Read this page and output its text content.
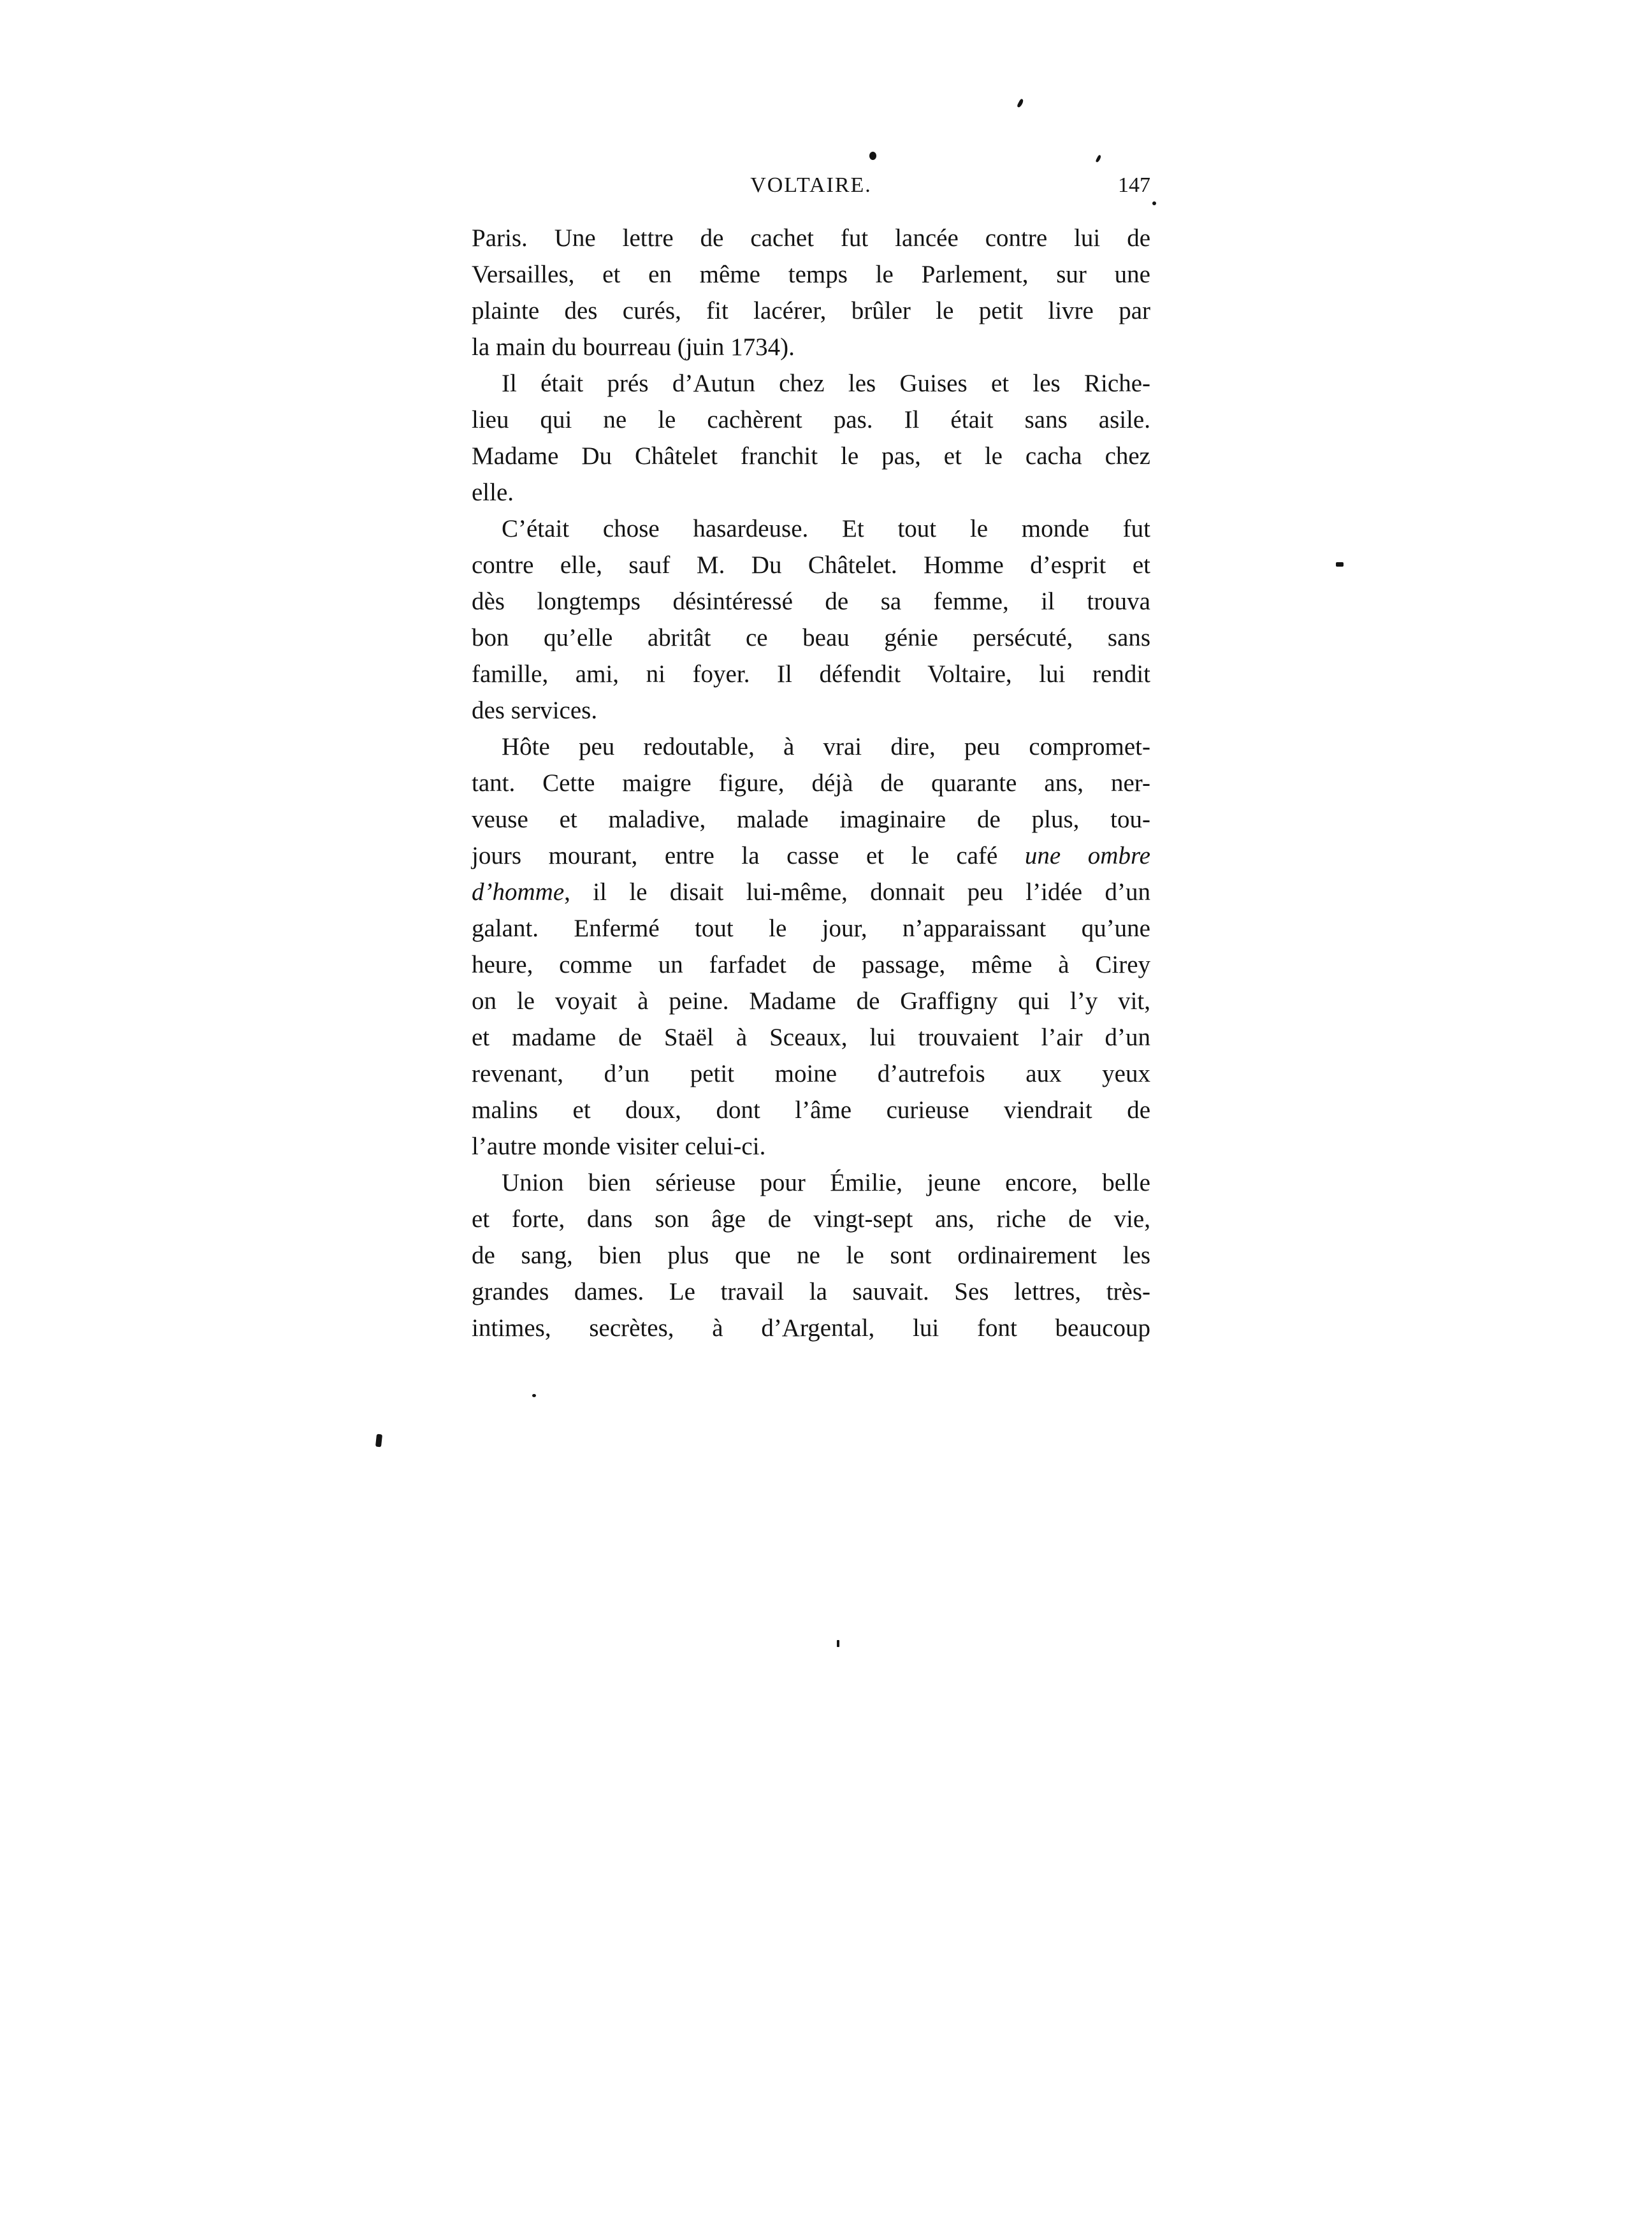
VOLTAIRE.	147
Paris. Une lettre de cachet fut lancée contre lui de
Versailles, et en même temps le Parlement, sur une
plainte des curés, fit lacérer, brûler le petit livre par
la main du bourreau (juin 1734).
Il était prés d’Autun chez les Guises et les Riche-
lieu qui ne le cachèrent pas. Il était sans asile.
Madame Du Châtelet franchit le pas, et le cacha chez
elle.
C’était chose hasardeuse. Et tout le monde fut
contre elle, sauf M. Du Châtelet. Homme d’esprit et
dès longtemps désintéressé de sa femme, il trouva
bon qu’elle abritât ce beau génie persécuté, sans
famille, ami, ni foyer. Il défendit Voltaire, lui rendit
des services.
Hôte peu redoutable, à vrai dire, peu compromet-
tant. Cette maigre figure, déjà de quarante ans, ner-
veuse et maladive, malade imaginaire de plus, tou-
jours mourant, entre la casse et le café une ombre
d’homme, il le disait lui-même, donnait peu l’idée d’un
galant. Enfermé tout le jour, n’apparaissant qu’une
heure, comme un farfadet de passage, même à Cirey
on le voyait à peine. Madame de Graffigny qui l’y vit,
et madame de Staël à Sceaux, lui trouvaient l’air d’un
revenant, d’un petit moine d’autrefois aux yeux
malins et doux, dont l’âme curieuse viendrait de
l’autre monde visiter celui-ci.
Union bien sérieuse pour Émilie, jeune encore, belle
et forte, dans son âge de vingt-sept ans, riche de vie,
de sang, bien plus que ne le sont ordinairement les
grandes dames. Le travail la sauvait. Ses lettres, très-
intimes, secrètes, à d’Argental, lui font beaucoup
